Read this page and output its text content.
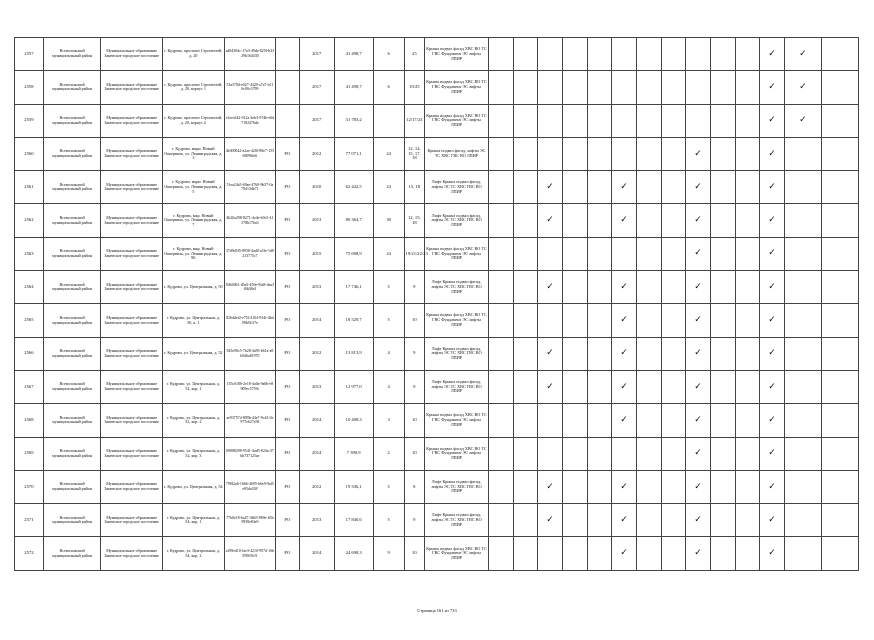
2557	Всеволожский муниципальный район	Муниципальное образование Заневское городское поселение	г. Кудрово, проспект Строителей, д. 20	ad8430dc-17a3-49da-825f-b3329b164430		2017	41 498,7	6	25	Крыша подвал фасад ХВС ВО ТС ГВС Фундамент ЭС лифты ЛПИР												✓	✓	
2558	Всеволожский муниципальный район	Муниципальное образование Заневское городское поселение	г. Кудрово, проспект Строителей, д. 20, корпус 1	53a370d-e027-4429-a7a7-b116c80c3799		2017	41 498,7	6	19/25	Крыша подвал фасад ХВС ВО ТС ГВС Фундамент ЭС лифты ЛПИР												✓	✓	
2559	Всеволожский муниципальный район	Муниципальное образование Заневское городское поселение	г. Кудрово, проспект Строителей, д. 20, корпус 2	e1eea342-012a-4eb3-974b-e6d7182476da		2017	31 783,2		12/17/23	Крыша подвал фасад ХВС ВО ТС ГВС Фундамент ЭС лифты ЛПИР												✓	✓	
2560	Всеволожский муниципальный район	Муниципальное образование Заневское городское поселение	г. Кудрово, мкрн. Новый Оккервиль, ул. Ленинградская, д. 3	4b300042-a2ae-420f-88e7-15569096fe6	РО	2012	77 071,1	24	12, 14, 15, 17, 18	Крыша подвал фасад, лифты ЭС ТС ХВС ГВС ВО ЛПИР									✓			✓		
2561	Всеволожский муниципальный район	Муниципальное образование Заневское городское поселение	г. Кудрово, мкрн. Новый Оккервиль, ул. Ленинградская, д. 5	51ea24a5-69ae-4760-9b57-0a79413db71	РО	2010	62 442,5	24	15, 18	Лифт Крыша подвал фасад, лифты ЭС ТС ХВС ГВС ВО ЛПИР			✓			✓			✓			✓		
2562	Всеволожский муниципальный район	Муниципальное образование Заневское городское поселение	г. Кудрово, мкр. Новый Оккервиль, ул. Ленинградская, д. 7	4b20a298-8271-4e4e-b9c5-41578b17ba3	РО	2013	80 364,7	30	12, 15, 18	Лифт Крыша подвал фасад, лифты ЭС ТС ХВС ГВС ВО ЛПИР			✓			✓			✓			✓		
2563	Всеволожский муниципальный район	Муниципальное образование Заневское городское поселение	г. Кудрово, мкр. Новый Оккервиль, ул. Ленинградская, д. 9Б	37d9d5f5-8958-4ad0-a5fe-1d8213775c7	РО	2015	75 698,9	24	19/21/22/23	Крыша подвал фасад ХВС ВО ТС ГВС Фундамент ЭС лифты ЛПИР									✓			✓		
2564	Всеволожский муниципальный район	Муниципальное образование Заневское городское поселение	г. Кудрово, ул. Центральная, д. 50	8464061-d5a5-450e-9fa8-dea3f6b38e2	РО	2013	17 746,1	5	9	Лифт Крыша подвал фасад, лифты ЭС ТС ХВС ГВС ВО ЛПИР			✓			✓			✓			✓		
2565	Всеволожский муниципальный район	Муниципальное образование Заневское городское поселение	г. Кудрово, ул. Центральная, д. 50, к. 1	826ddef2-e75f-4104-934f-dbd09b0f1f7e	РО	2014	18 529,7	5	10	Крыша подвал фасад ХВС ВО ТС ГВС Фундамент ЭС лифты ЛПИР						✓			✓			✓		
2566	Всеволожский муниципальный район	Муниципальное образование Заневское городское поселение	г. Кудрово, ул. Центральная, д. 52	943e98c5-7b28-4a95-b61a-a8b0d6a81970	РО	2012	13 813,9	4	9	Лифт Крыша подвал фасад, лифты ЭС ТС ХВС ГВС ВО ЛПИР			✓			✓			✓			✓		
2567	Всеволожский муниципальный район	Муниципальное образование Заневское городское поселение	г. Кудрово, ул. Центральная, д. 52, кор. 1	135c6186-2e18-4a0a-9a0b-e8909ec5759c	РО	2013	12 977,0	4	9	Лифт Крыша подвал фасад, лифты ЭС ТС ХВС ГВС ВО ЛПИР			✓			✓			✓			✓		
2568	Всеволожский муниципальный район	Муниципальное образование Заневское городское поселение	г. Кудрово, ул. Центральная, д. 52, кор. 2	ae93757d-899b-44e7-9c43-0e977e627e58	РО	2014	10 408,3	3	10	Крыша подвал фасад ХВС ВО ТС ГВС Фундамент ЭС лифты ЛПИР						✓			✓			✓		
2569	Всеволожский муниципальный район	Муниципальное образование Заневское городское поселение	г. Кудрово, ул. Центральная, д. 52, кор. 3	69888298-9541-4ad5-824a-47bb737125ae	РО	2014	7 390,9	2	10	Крыша подвал фасад ХВС ВО ТС ГВС Фундамент ЭС лифты ЛПИР									✓			✓		
2570	Всеволожский муниципальный район	Муниципальное образование Заневское городское поселение	г. Кудрово, ул. Центральная, д. 54	790f2a6-1666-4695-b6e9-9af5e85da338	РО	2012	19 336,1	5	8	Лифт Крыша подвал фасад, лифты ЭС ТС ХВС ГВС ВО ЛПИР			✓			✓			✓			✓		
2571	Всеволожский муниципальный район	Муниципальное образование Заневское городское поселение	г. Кудрово, ул. Центральная, д. 54, кор. 1	77b0e18-ba47-4b63-969e-b5b9958e84e9	РО	2013	17 840,6	5	9	Лифт Крыша подвал фасад, лифты ЭС ТС ХВС ГВС ВО ЛПИР			✓			✓			✓			✓		
2572	Всеволожский муниципальный район	Муниципальное образование Заневское городское поселение	г. Кудрово, ул. Центральная, д. 54, кор. 2	a189ed10-fae3-4210-997d-16b85905fc9	РО	2014	24 698,3	9	10	Крыша подвал фасад ХВС ВО ТС ГВС Фундамент ЭС лифты ЛПИР						✓			✓			✓		
Страница 161 из 733
